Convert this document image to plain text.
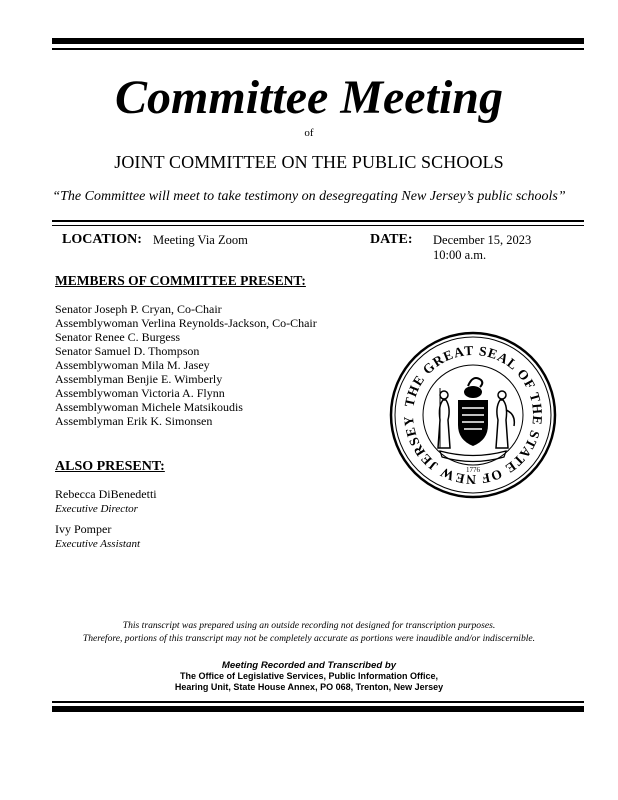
Committee Meeting
of
JOINT COMMITTEE ON THE PUBLIC SCHOOLS
“The Committee will meet to take testimony on desegregating New Jersey’s public schools”
LOCATION: Meeting Via Zoom	DATE: December 15, 2023
10:00 a.m.
MEMBERS OF COMMITTEE PRESENT:
Senator Joseph P. Cryan, Co-Chair
Assemblywoman Verlina Reynolds-Jackson, Co-Chair
Senator Renee C. Burgess
Senator Samuel D. Thompson
Assemblywoman Mila M. Jasey
Assemblyman Benjie E. Wimberly
Assemblywoman Victoria A. Flynn
Assemblywoman Michele Matsikoudis
Assemblyman Erik K. Simonsen
THE GREAT SEAL OF THE STATE OF NEW JERSEY
1776
ALSO PRESENT:
Rebecca DiBenedetti
Executive Director
Ivy Pomper
Executive Assistant
This transcript was prepared using an outside recording not designed for transcription purposes.
Therefore, portions of this transcript may not be completely accurate as portions were inaudible and/or indiscernible.
Meeting Recorded and Transcribed by
The Office of Legislative Services, Public Information Office,
Hearing Unit, State House Annex, PO 068, Trenton, New Jersey
